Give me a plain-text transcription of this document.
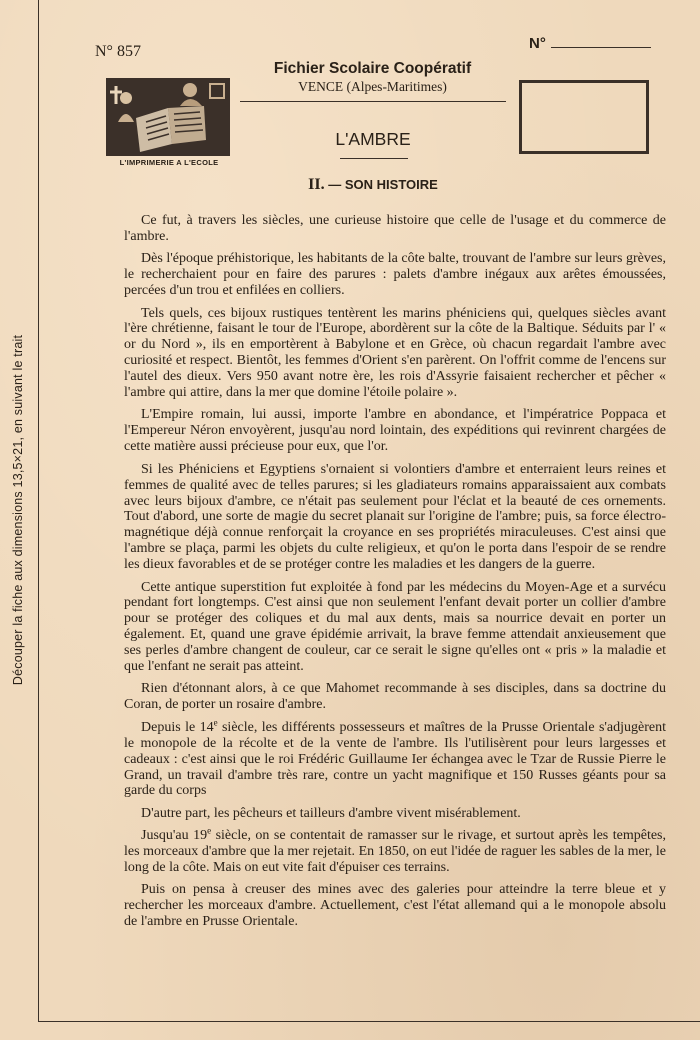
Découper la fiche aux dimensions 13,5×21, en suivant le trait
N° 857	N°
L'IMPRIMERIE A L'ECOLE
Fichier Scolaire Coopératif
VENCE (Alpes-Maritimes)
L'AMBRE
II. — SON HISTOIRE

Ce fut, à travers les siècles, une curieuse histoire que celle de l'usage et du commerce de l'ambre.

Dès l'époque préhistorique, les habitants de la côte balte, trouvant de l'ambre sur leurs grèves, le recherchaient pour en faire des parures : palets d'ambre inégaux aux arêtes émoussées, percées d'un trou et enfilées en colliers.

Tels quels, ces bijoux rustiques tentèrent les marins phéniciens qui, quelques siècles avant l'ère chrétienne, faisant le tour de l'Europe, abordèrent sur la côte de la Baltique. Séduits par l' « or du Nord », ils en emportèrent à Babylone et en Grèce, où chacun regardait l'ambre avec curiosité et respect. Bientôt, les femmes d'Orient s'en parèrent. On l'offrit comme de l'encens sur l'autel des dieux. Vers 950 avant notre ère, les rois d'Assyrie faisaient rechercher et pêcher « l'ambre qui attire, dans la mer que domine l'étoile polaire ».

L'Empire romain, lui aussi, importe l'ambre en abondance, et l'impératrice Poppaca et l'Empereur Néron envoyèrent, jusqu'au nord lointain, des expéditions qui revinrent chargées de cette matière aussi précieuse pour eux, que l'or.

Si les Phéniciens et Egyptiens s'ornaient si volontiers d'ambre et enterraient leurs reines et femmes de qualité avec de telles parures; si les gladiateurs romains apparaissaient aux combats avec leurs bijoux d'ambre, ce n'était pas seulement pour l'éclat et la beauté de ces ornements. Tout d'abord, une sorte de magie du secret planait sur l'origine de l'ambre; puis, sa force électro-magnétique déjà connue renforçait la croyance en ses propriétés miraculeuses. C'est ainsi que l'ambre se plaça, parmi les objets du culte religieux, et qu'on le porta dans l'espoir de se rendre les dieux favorables et de se protéger contre les maladies et les dangers de la guerre.

Cette antique superstition fut exploitée à fond par les médecins du Moyen-Age et a survécu pendant fort longtemps. C'est ainsi que non seulement l'enfant devait porter un collier d'ambre pour se protéger des coliques et du mal aux dents, mais sa nourrice devait en porter un également. Et, quand une grave épidémie arrivait, la brave femme attendait anxieusement que ses perles d'ambre changent de couleur, car ce serait le signe qu'elles ont « pris » la maladie et que l'enfant ne serait pas atteint.

Rien d'étonnant alors, à ce que Mahomet recommande à ses disciples, dans sa doctrine du Coran, de porter un rosaire d'ambre.

Depuis le 14e siècle, les différents possesseurs et maîtres de la Prusse Orientale s'adjugèrent le monopole de la récolte et de la vente de l'ambre. Ils l'utilisèrent pour leurs largesses et cadeaux : c'est ainsi que le roi Frédéric Guillaume Ier échangea avec le Tzar de Russie Pierre le Grand, un travail d'ambre très rare, contre un yacht magnifique et 150 Russes géants pour sa garde du corps

D'autre part, les pêcheurs et tailleurs d'ambre vivent misérablement.

Jusqu'au 19e siècle, on se contentait de ramasser sur le rivage, et surtout après les tempêtes, les morceaux d'ambre que la mer rejetait. En 1850, on eut l'idée de raguer les sables de la mer, le long de la côte. Mais on eut vite fait d'épuiser ces terrains.

Puis on pensa à creuser des mines avec des galeries pour atteindre la terre bleue et y rechercher les morceaux d'ambre. Actuellement, c'est l'état allemand qui a le monopole absolu de l'ambre en Prusse Orientale.
